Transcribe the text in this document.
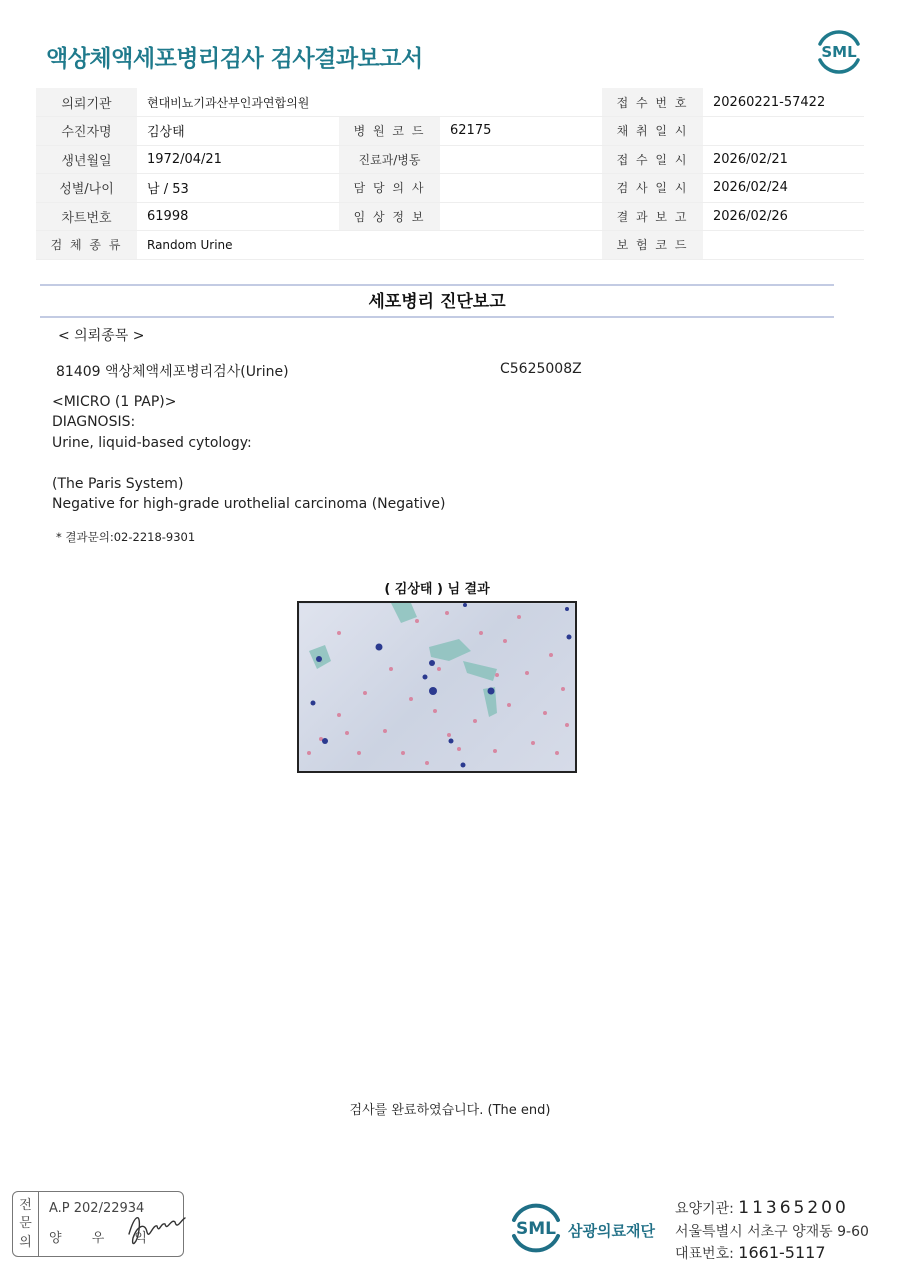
액상체액세포병리검사 검사결과보고서	SML
의뢰기관	현대비뇨기과산부인과연합의원			접 수 번 호	20260221-57422
수진자명	김상태	병 원 코 드	62175	채 취 일 시	
생년월일	1972/04/21	진료과/병동		접 수 일 시	2026/02/21
성별/나이	남 / 53	담 당 의 사		검 사 일 시	2026/02/24
차트번호	61998	임 상 정 보		결 과 보 고	2026/02/26
검 체 종 류	Random Urine			보 험 코 드	
세포병리 진단보고
< 의뢰종목 >
81409 액상체액세포병리검사(Urine)	C5625008Z
<MICRO (1 PAP)>
DIAGNOSIS:
Urine, liquid-based cytology:
(The Paris System)
Negative for high-grade urothelial carcinoma (Negative)
* 결과문의:02-2218-9301
( 김상태 ) 님 결과
검사를 완료하였습니다. (The end)
전
문
의
A.P 202/22934
양 우 익	SML 삼광의료재단
요양기관: 11365200
서울특별시 서초구 양재동 9-60
대표번호: 1661-5117
